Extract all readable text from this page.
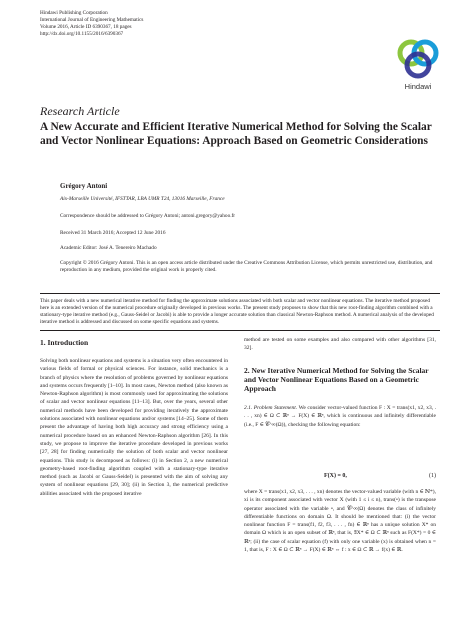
Hindawi Publishing Corporation
International Journal of Engineering Mathematics
Volume 2016, Article ID 6390367, 18 pages
http://dx.doi.org/10.1155/2016/6390367
Hindawi
Research Article
A New Accurate and Efficient Iterative Numerical Method for Solving the Scalar and Vector Nonlinear Equations: Approach Based on Geometric Considerations
Grégory Antoni
Aix-Marseille Université, IFSTTAR, LBA UMR T24, 13016 Marseille, France
Correspondence should be addressed to Grégory Antoni; antoni.gregory@yahoo.fr
Received 31 March 2016; Accepted 12 June 2016
Academic Editor: José A. Tenereiro Machado
Copyright © 2016 Grégory Antoni. This is an open access article distributed under the Creative Commons Attribution License, which permits unrestricted use, distribution, and reproduction in any medium, provided the original work is properly cited.
This paper deals with a new numerical iterative method for finding the approximate solutions associated with both scalar and vector nonlinear equations. The iterative method proposed here is an extended version of the numerical procedure originally developed in previous works. The present study proposes to show that this new root-finding algorithm combined with a stationary-type iterative method (e.g., Gauss-Seidel or Jacobi) is able to provide a longer accurate solution than classical Newton-Raphson method. A numerical analysis of the developed iterative method is addressed and discussed on some specific equations and systems.
1. Introduction

Solving both nonlinear equations and systems is a situation very often encountered in various fields of formal or physical sciences. For instance, solid mechanics is a branch of physics where the resolution of problems governed by nonlinear equations and systems occurs frequently [1–10]. In most cases, Newton method (also known as Newton-Raphson algorithm) is most commonly used for approximating the solutions of scalar and vector nonlinear equations [11–13]. But, over the years, several other numerical methods have been developed for providing iteratively the approximate solutions associated with nonlinear equations and/or systems [14–25]. Some of them present the advantage of having both high accuracy and strong efficiency using a numerical procedure based on an enhanced Newton-Raphson algorithm [26]. In this study, we propose to improve the iterative procedure developed in previous works [27, 28] for finding numerically the solution of both scalar and vector nonlinear equations. This study is decomposed as follows: (i) in Section 2, a new numerical geometry-based root-finding algorithm coupled with a stationary-type iterative method (such as Jacobi or Gauss-Seidel) is presented with the aim of solving any system of nonlinear equations [29, 30]; (ii) in Section 3, the numerical predictive abilities associated with the proposed iterative

method are tested on some examples and also compared with other algorithms [31, 32].

2. New Iterative Numerical Method for Solving the Scalar and Vector Nonlinear Equations Based on a Geometric Approach

2.1. Problem Statement. We consider vector-valued function F : X = trans(x1, x2, x3, . . . , xn) ∈ Ω ⊂ ℝⁿ → F(X) ∈ ℝⁿ, which is continuous and infinitely differentiable (i.e., F ∈ 𝒞^∞(Ω)), checking the following equation:

F(X) = 0,	(1)

where X = trans(x1, x2, x3, . . . , xn) denotes the vector-valued variable (with n ∈ ℕ*), xi is its component associated with vector X (with 1 ≤ i ≤ n), trans(•) is the transpose operator associated with the variable •, and 𝒞^∞(Ω) denotes the class of infinitely differentiable functions on domain Ω. It should be mentioned that: (i) the vector nonlinear function F = trans(f1, f2, f3, . . . , fn) ∈ ℝⁿ has a unique solution X* on domain Ω which is an open subset of ℝⁿ, that is, ∃X* ∈ Ω ⊂ ℝⁿ such as F(X*) = 0 ∈ ℝⁿ; (ii) the case of scalar equation (f) with only one variable (x) is obtained when n = 1, that is, F : X ∈ Ω ⊂ ℝⁿ → F(X) ∈ ℝⁿ ⇔ f : x ∈ Ω ⊂ ℝ → f(x) ∈ ℝ.
